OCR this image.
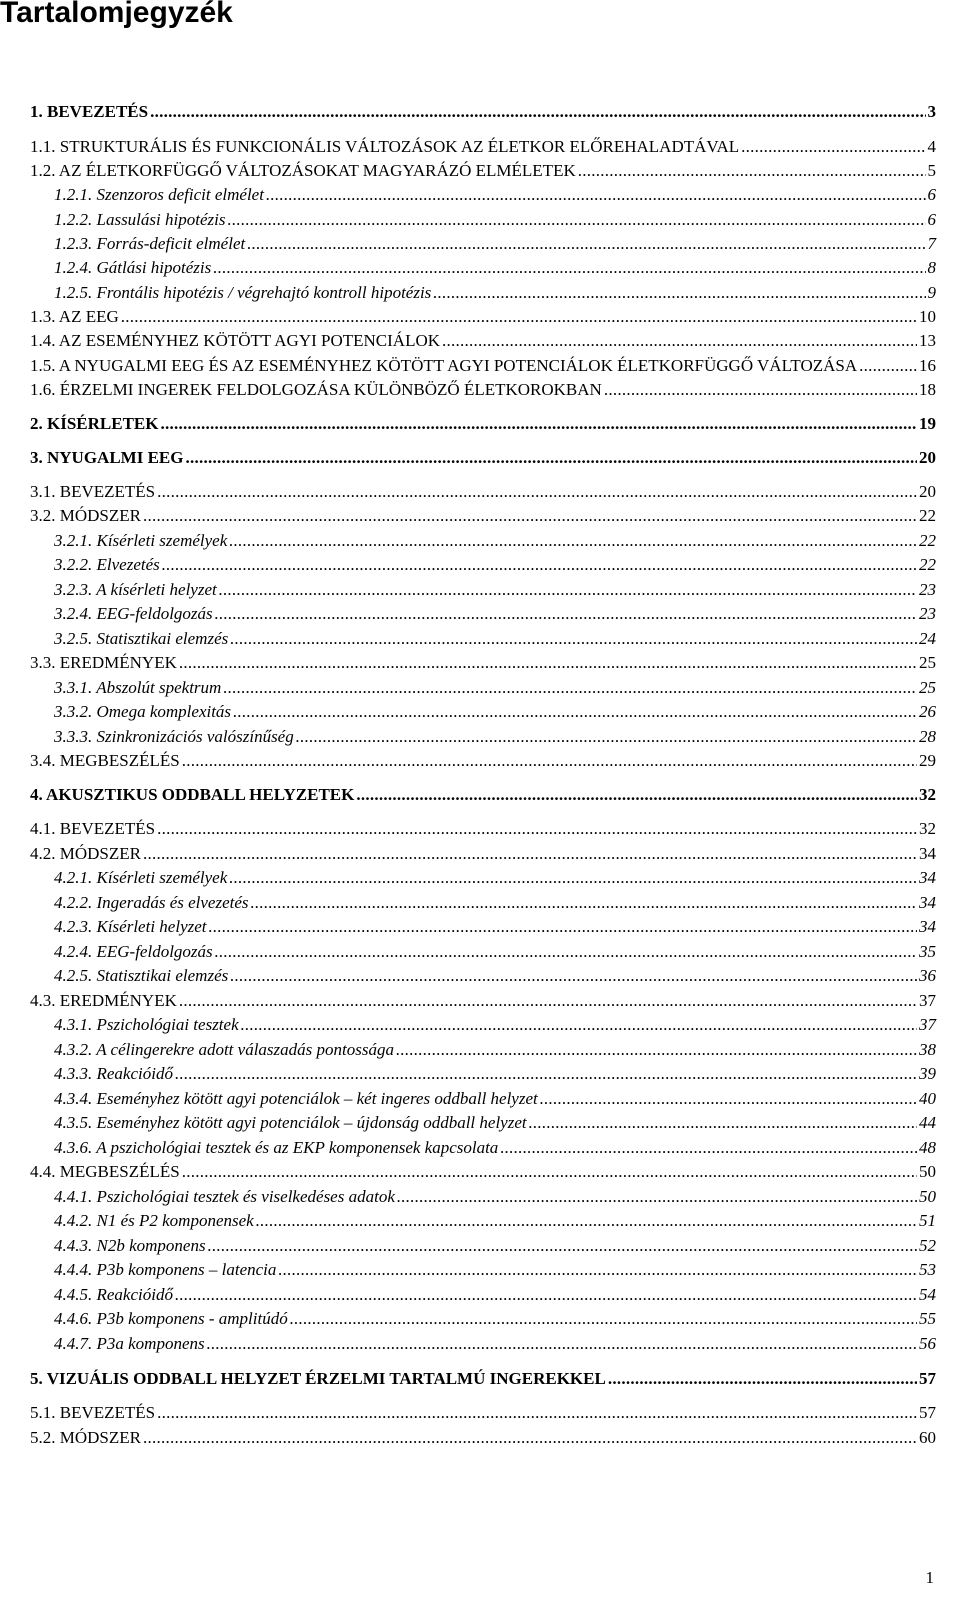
Tartalomjegyzék
1. BEVEZETÉS . . .	3
1.1. STRUKTURÁLIS ÉS FUNKCIONÁLIS VÁLTOZÁSOK AZ ÉLETKOR ELŐREHALADTÁVAL . . .	4
1.2. AZ ÉLETKORFÜGGŐ VÁLTOZÁSOKAT MAGYARÁZÓ ELMÉLETEK . . .	5
1.2.1. Szenzoros deficit elmélet . . .	6
1.2.2. Lassulási hipotézis . . .	6
1.2.3. Forrás-deficit elmélet . . .	7
1.2.4. Gátlási hipotézis . . .	8
1.2.5. Frontális hipotézis / végrehajtó kontroll hipotézis . . .	9
1.3. AZ EEG . . .	10
1.4. AZ ESEMÉNYHEZ KÖTÖTT AGYI POTENCIÁLOK . . .	13
1.5. A NYUGALMI EEG ÉS AZ ESEMÉNYHEZ KÖTÖTT AGYI POTENCIÁLOK ÉLETKORFÜGGŐ VÁLTOZÁSA . . .	16
1.6. ÉRZELMI INGEREK FELDOLGOZÁSA KÜLÖNBÖZŐ ÉLETKOROKBAN . . .	18
2. KÍSÉRLETEK . . .	19
3. NYUGALMI EEG . . .	20
3.1. BEVEZETÉS . . .	20
3.2. MÓDSZER . . .	22
3.2.1. Kísérleti személyek . . .	22
3.2.2. Elvezetés . . .	22
3.2.3. A kísérleti helyzet . . .	23
3.2.4. EEG-feldolgozás . . .	23
3.2.5. Statisztikai elemzés . . .	24
3.3. EREDMÉNYEK . . .	25
3.3.1. Abszolút spektrum . . .	25
3.3.2. Omega komplexitás . . .	26
3.3.3. Szinkronizációs valószínűség . . .	28
3.4. MEGBESZÉLÉS . . .	29
4. AKUSZTIKUS ODDBALL HELYZETEK . . .	32
4.1. BEVEZETÉS . . .	32
4.2. MÓDSZER . . .	34
4.2.1. Kísérleti személyek . . .	34
4.2.2. Ingeradás és elvezetés . . .	34
4.2.3. Kísérleti helyzet . . .	34
4.2.4. EEG-feldolgozás . . .	35
4.2.5. Statisztikai elemzés . . .	36
4.3. EREDMÉNYEK . . .	37
4.3.1. Pszichológiai tesztek . . .	37
4.3.2. A célingerekre adott válaszadás pontossága . . .	38
4.3.3. Reakcióidő . . .	39
4.3.4. Eseményhez kötött agyi potenciálok – két ingeres oddball helyzet . . .	40
4.3.5. Eseményhez kötött agyi potenciálok – újdonság oddball helyzet . . .	44
4.3.6. A pszichológiai tesztek és az EKP komponensek kapcsolata . . .	48
4.4. MEGBESZÉLÉS . . .	50
4.4.1. Pszichológiai tesztek és viselkedéses adatok . . .	50
4.4.2. N1 és P2 komponensek . . .	51
4.4.3. N2b komponens . . .	52
4.4.4. P3b komponens – latencia . . .	53
4.4.5. Reakcióidő . . .	54
4.4.6. P3b komponens - amplitúdó . . .	55
4.4.7. P3a komponens . . .	56
5. VIZUÁLIS ODDBALL HELYZET ÉRZELMI TARTALMÚ INGEREKKEL . . .	57
5.1. BEVEZETÉS . . .	57
5.2. MÓDSZER . . .	60
1
